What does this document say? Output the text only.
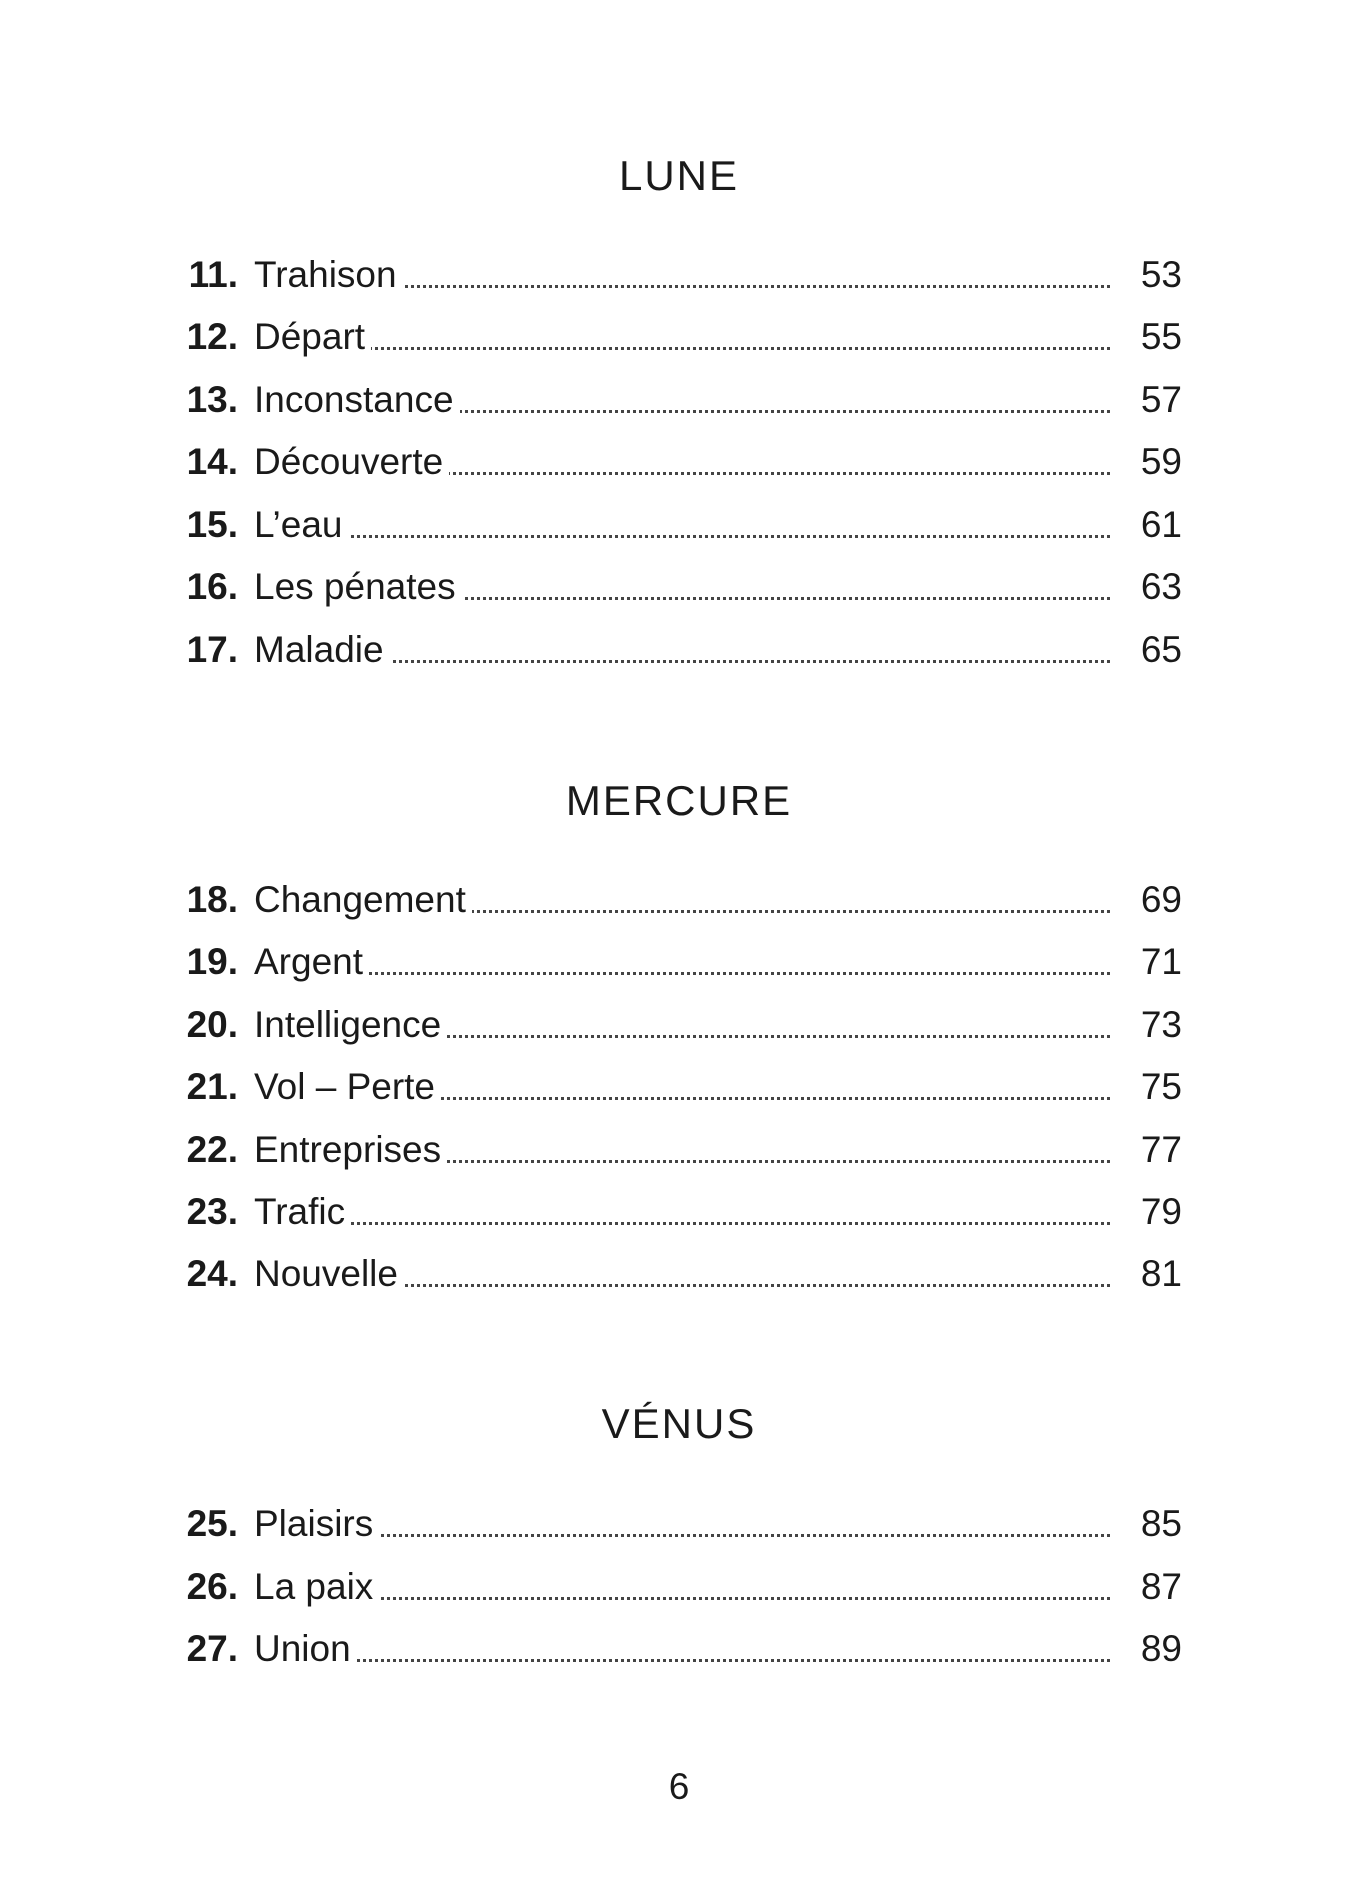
LUNE
11. Trahison	53
12. Départ	55
13. Inconstance	57
14. Découverte	59
15. L’eau	61
16. Les pénates	63
17. Maladie	65
MERCURE
18. Changement	69
19. Argent	71
20. Intelligence	73
21. Vol – Perte	75
22. Entreprises	77
23. Trafic	79
24. Nouvelle	81
VÉNUS
25. Plaisirs	85
26. La paix	87
27. Union	89
6
